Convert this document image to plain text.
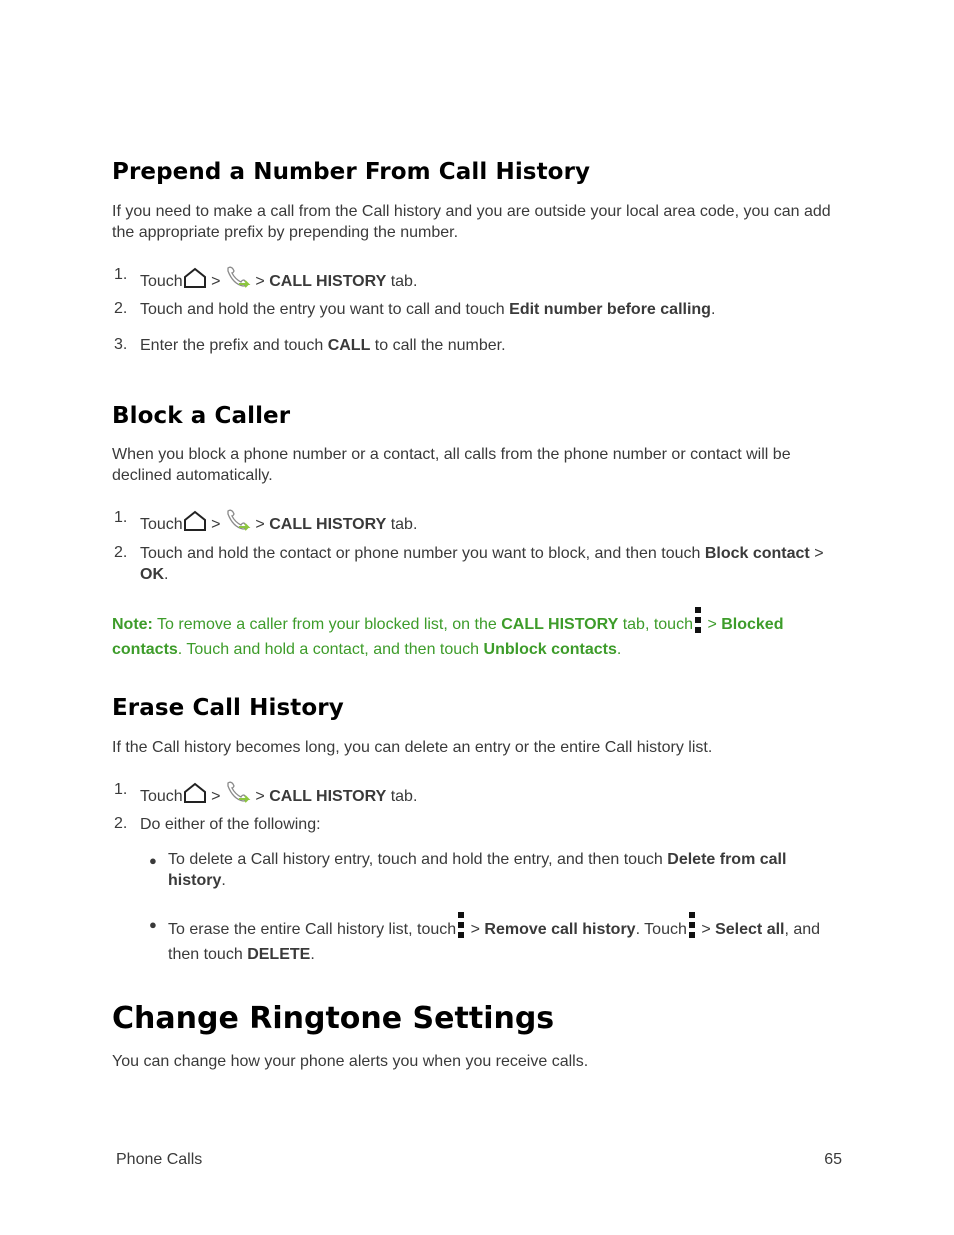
Prepend a Number From Call History
If you need to make a call from the Call history and you are outside your local area code, you can add the appropriate prefix by prepending the number.
1. Touch > > CALL HISTORY tab.
2. Touch and hold the entry you want to call and touch Edit number before calling.
3. Enter the prefix and touch CALL to call the number.
Block a Caller
When you block a phone number or a contact, all calls from the phone number or contact will be declined automatically.
1. Touch > > CALL HISTORY tab.
2. Touch and hold the contact or phone number you want to block, and then touch Block contact > OK.
Note: To remove a caller from your blocked list, on the CALL HISTORY tab, touch > Blocked contacts. Touch and hold a contact, and then touch Unblock contacts.
Erase Call History
If the Call history becomes long, you can delete an entry or the entire Call history list.
1. Touch > > CALL HISTORY tab.
2. Do either of the following:
● To delete a Call history entry, touch and hold the entry, and then touch Delete from call history.
● To erase the entire Call history list, touch > Remove call history. Touch > Select all, and then touch DELETE.
Change Ringtone Settings
You can change how your phone alerts you when you receive calls.
Phone Calls	65
